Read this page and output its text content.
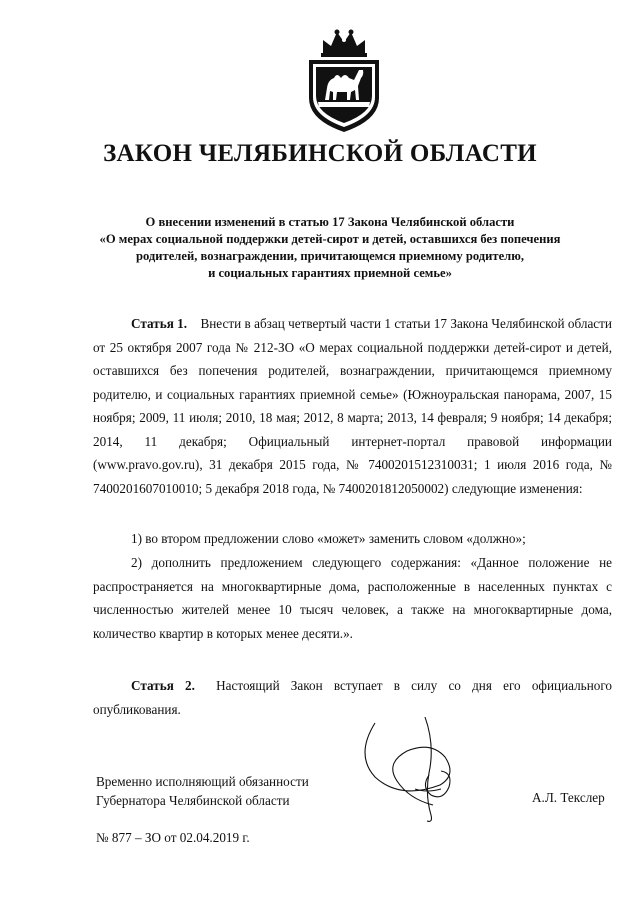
ЗАКОН ЧЕЛЯБИНСКОЙ ОБЛАСТИ
О внесении изменений в статью 17 Закона Челябинской области
«О мерах социальной поддержки детей-сирот и детей, оставшихся без попечения
родителей, вознаграждении, причитающемся приемному родителю,
и социальных гарантиях приемной семье»
Статья 1. Внести в абзац четвертый части 1 статьи 17 Закона Челябинской области от 25 октября 2007 года № 212-ЗО «О мерах социальной поддержки детей-сирот и детей, оставшихся без попечения родителей, вознаграждении, причитающемся приемному родителю, и социальных гарантиях приемной семье» (Южноуральская панорама, 2007, 15 ноября; 2009, 11 июля; 2010, 18 мая; 2012, 8 марта; 2013, 14 февраля; 9 ноября; 14 декабря; 2014, 11 декабря; Официальный интернет-портал правовой информации (www.pravo.gov.ru), 31 декабря 2015 года, № 7400201512310031; 1 июля 2016 года, № 7400201607010010; 5 декабря 2018 года, № 7400201812050002) следующие изменения:
1) во втором предложении слово «может» заменить словом «должно»;
2) дополнить предложением следующего содержания: «Данное положение не распространяется на многоквартирные дома, расположенные в населенных пунктах с численностью жителей менее 10 тысяч человек, а также на многоквартирные дома, количество квартир в которых менее десяти.».
Статья 2. Настоящий Закон вступает в силу со дня его официального опубликования.
Временно исполняющий обязанности
Губернатора Челябинской области	А.Л. Текслер
№ 877 – ЗО от 02.04.2019 г.
